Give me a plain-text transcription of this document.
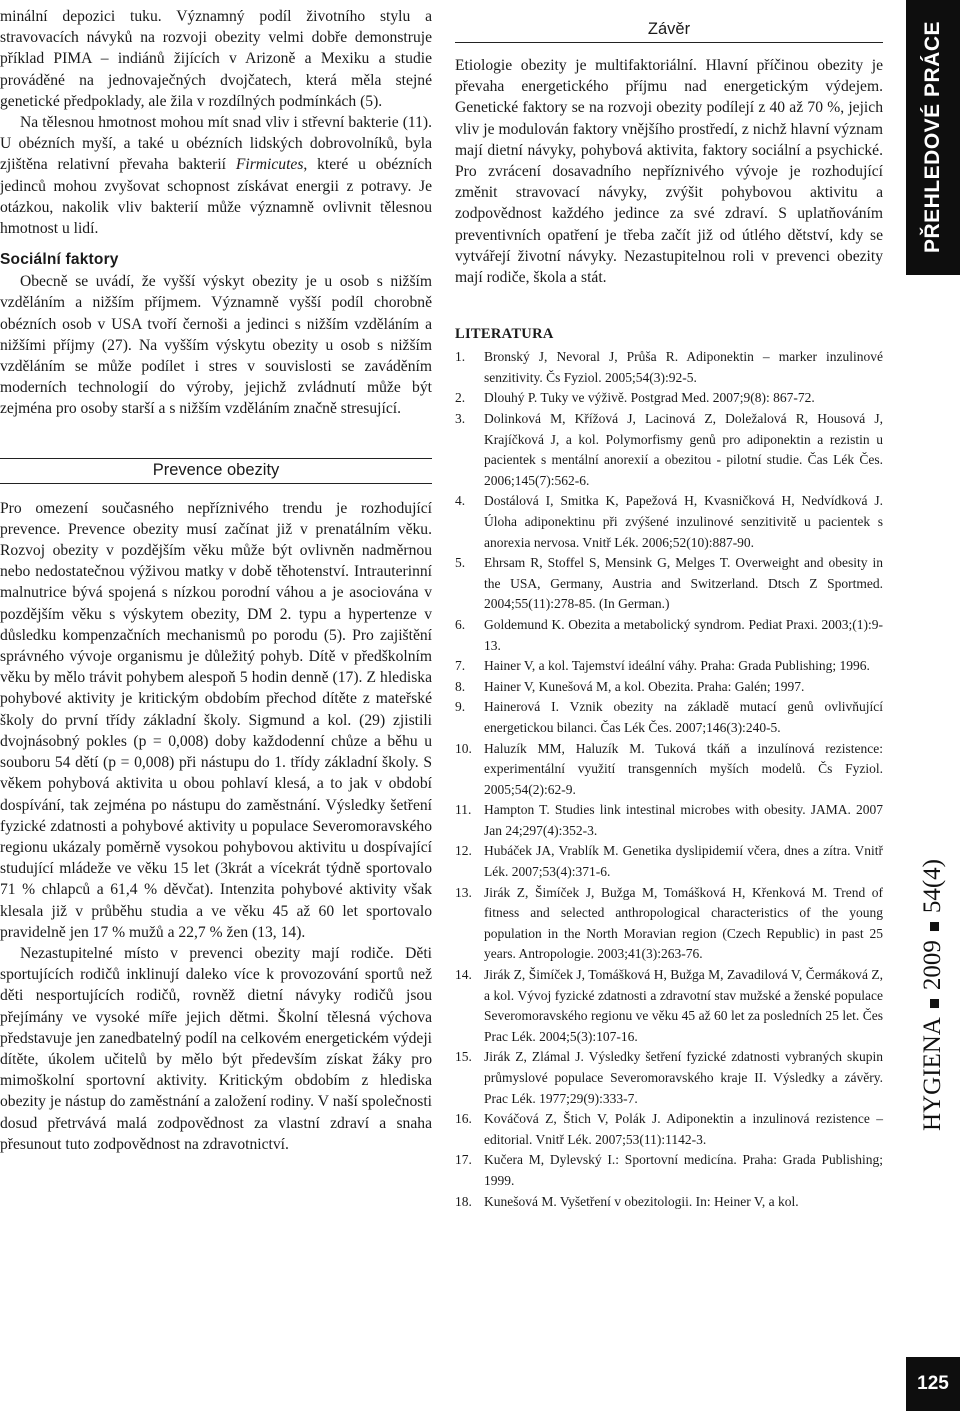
minální depozici tuku. Významný podíl životního stylu a stravovacích návyků na rozvoji obezity velmi dobře demonstruje příklad PIMA – indiánů žijících v Arizoně a Mexiku a studie prováděné na jednovaječných dvojčatech, která měla stejné genetické předpoklady, ale žila v rozdílných podmínkách (5).

Na tělesnou hmotnost mohou mít snad vliv i střevní bakterie (11). U obézních myší, a také u obézních lidských dobrovolníků, byla zjištěna relativní převaha bakterií Firmicutes, které u obézních jedinců mohou zvyšovat schopnost získávat energii z potravy. Je otázkou, nakolik vliv bakterií může významně ovlivnit tělesnou hmotnost u lidí.

Sociální faktory

Obecně se uvádí, že vyšší výskyt obezity je u osob s nižším vzděláním a nižším příjmem. Významně vyšší podíl chorobně obézních osob v USA tvoří černoši a jedinci s nižším vzděláním a nižšími příjmy (27). Na vyšším výskytu obezity u osob s nižším vzděláním se může podílet i stres v souvislosti se zaváděním moderních technologií do výroby, jejichž zvládnutí může být zejména pro osoby starší a s nižším vzděláním značně stresující.

Prevence obezity

Pro omezení současného nepříznivého trendu je rozhodující prevence. Prevence obezity musí začínat již v prenatálním věku. Rozvoj obezity v pozdějším věku může být ovlivněn nadměrnou nebo nedostatečnou výživou matky v době těhotenství. Intrauterinní malnutrice bývá spojená s nízkou porodní váhou a je asociována v pozdějším věku s výskytem obezity, DM 2. typu a hypertenze v důsledku kompenzačních mechanismů po porodu (5). Pro zajištění správného vývoje organismu je důležitý pohyb. Dítě v předškolním věku by mělo trávit pohybem alespoň 5 hodin denně (17). Z hlediska pohybové aktivity je kritickým obdobím přechod dítěte z mateřské školy do první třídy základní školy. Sigmund a kol. (29) zjistili dvojnásobný pokles (p = 0,008) doby každodenní chůze a běhu u souboru 54 dětí (p = 0,008) při nástupu do 1. třídy základní školy. S věkem pohybová aktivita u obou pohlaví klesá, a to jak v období dospívání, tak zejména po nástupu do zaměstnání. Výsledky šetření fyzické zdatnosti a pohybové aktivity u populace Severomoravského regionu ukázaly poměrně vysokou pohybovou aktivitu u dospívající studující mládeže ve věku 15 let (3krát a vícekrát týdně sportovalo 71 % chlapců a 61,4 % děvčat). Intenzita pohybové aktivity však klesala již v průběhu studia a ve věku 45 až 60 let sportovalo pravidelně jen 17 % mužů a 22,7 % žen (13, 14).

Nezastupitelné místo v prevenci obezity mají rodiče. Děti sportujících rodičů inklinují daleko více k provozování sportů než děti nesportujících rodičů, rovněž dietní návyky rodičů jsou přejímány ve vysoké míře jejich dětmi. Školní tělesná výchova představuje jen zanedbatelný podíl na celkovém energetickém výdeji dítěte, úkolem učitelů by mělo být především získat žáky pro mimoškolní sportovní aktivity. Kritickým obdobím z hlediska obezity je nástup do zaměstnání a založení rodiny. V naší společnosti dosud přetrvává malá zodpovědnost za vlastní zdraví a snaha přesunout tuto zodpovědnost na zdravotnictví.

Závěr

Etiologie obezity je multifaktoriální. Hlavní příčinou obezity je převaha energetického příjmu nad energetickým výdejem. Genetické faktory se na rozvoji obezity podílejí z 40 až 70 %, jejich vliv je modulován faktory vnějšího prostředí, z nichž hlavní význam mají dietní návyky, pohybová aktivita, faktory sociální a psychické. Pro zvrácení dosavadního nepříznivého vývoje je rozhodující změnit stravovací návyky, zvýšit pohybovou aktivitu a zodpovědnost každého jedince za své zdraví. S uplatňováním preventivních opatření je třeba začít již od útlého dětství, kdy se vytvářejí životní návyky. Nezastupitelnou roli v prevenci obezity mají rodiče, škola a stát.

LITERATURA
1. Bronský J, Nevoral J, Průša R. Adiponektin – marker inzulinové senzitivity. Čs Fyziol. 2005;54(3):92-5.
2. Dlouhý P. Tuky ve výživě. Postgrad Med. 2007;9(8): 867-72.
3. Dolinková M, Křížová J, Lacinová Z, Doležalová R, Housová J, Krajíčková J, a kol. Polymorfismy genů pro adiponektin a rezistin u pacientek s mentální anorexií a obezitou - pilotní studie. Čas Lék Čes. 2006;145(7):562-6.
4. Dostálová I, Smitka K, Papežová H, Kvasničková H, Nedvídková J. Úloha adiponektinu při zvýšené inzulinové senzitivitě u pacientek s anorexia nervosa. Vnitř Lék. 2006;52(10):887-90.
5. Ehrsam R, Stoffel S, Mensink G, Melges T. Overweight and obesity in the USA, Germany, Austria and Switzerland. Dtsch Z Sportmed. 2004;55(11):278-85. (In German.)
6. Goldemund K. Obezita a metabolický syndrom. Pediat Praxi. 2003;(1):9-13.
7. Hainer V, a kol. Tajemství ideální váhy. Praha: Grada Publishing; 1996.
8. Hainer V, Kunešová M, a kol. Obezita. Praha: Galén; 1997.
9. Hainerová I. Vznik obezity na základě mutací genů ovlivňující energetickou bilanci. Čas Lék Čes. 2007;146(3):240-5.
10. Haluzík MM, Haluzík M. Tuková tkáň a inzulínová rezistence: experimentální využití transgenních myších modelů. Čs Fyziol. 2005;54(2):62-9.
11. Hampton T. Studies link intestinal microbes with obesity. JAMA. 2007 Jan 24;297(4):352-3.
12. Hubáček JA, Vrablík M. Genetika dyslipidemií včera, dnes a zítra. Vnitř Lék. 2007;53(4):371-6.
13. Jirák Z, Šimíček J, Bužga M, Tomášková H, Křenková M. Trend of fitness and selected anthropological characteristics of the young population in the North Moravian region (Czech Republic) in past 25 years. Antropologie. 2003;41(3):263-76.
14. Jirák Z, Šimíček J, Tomášková H, Bužga M, Zavadilová V, Čermáková Z, a kol. Vývoj fyzické zdatnosti a zdravotní stav mužské a ženské populace Severomoravského regionu ve věku 45 až 60 let za posledních 25 let. Čes Prac Lék. 2004;5(3):107-16.
15. Jirák Z, Zlámal J. Výsledky šetření fyzické zdatnosti vybraných skupin průmyslové populace Severomoravského kraje II. Výsledky a závěry. Prac Lék. 1977;29(9):333-7.
16. Kováčová Z, Štich V, Polák J. Adiponektin a inzulinová rezistence – editorial. Vnitř Lék. 2007;53(11):1142-3.
17. Kučera M, Dylevský I.: Sportovní medicína. Praha: Grada Publishing; 1999.
18. Kunešová M. Vyšetření v obezitologii. In: Heiner V, a kol.
PŘEHLEDOVÉ PRÁCE
HYGIENA200954(4)
125
